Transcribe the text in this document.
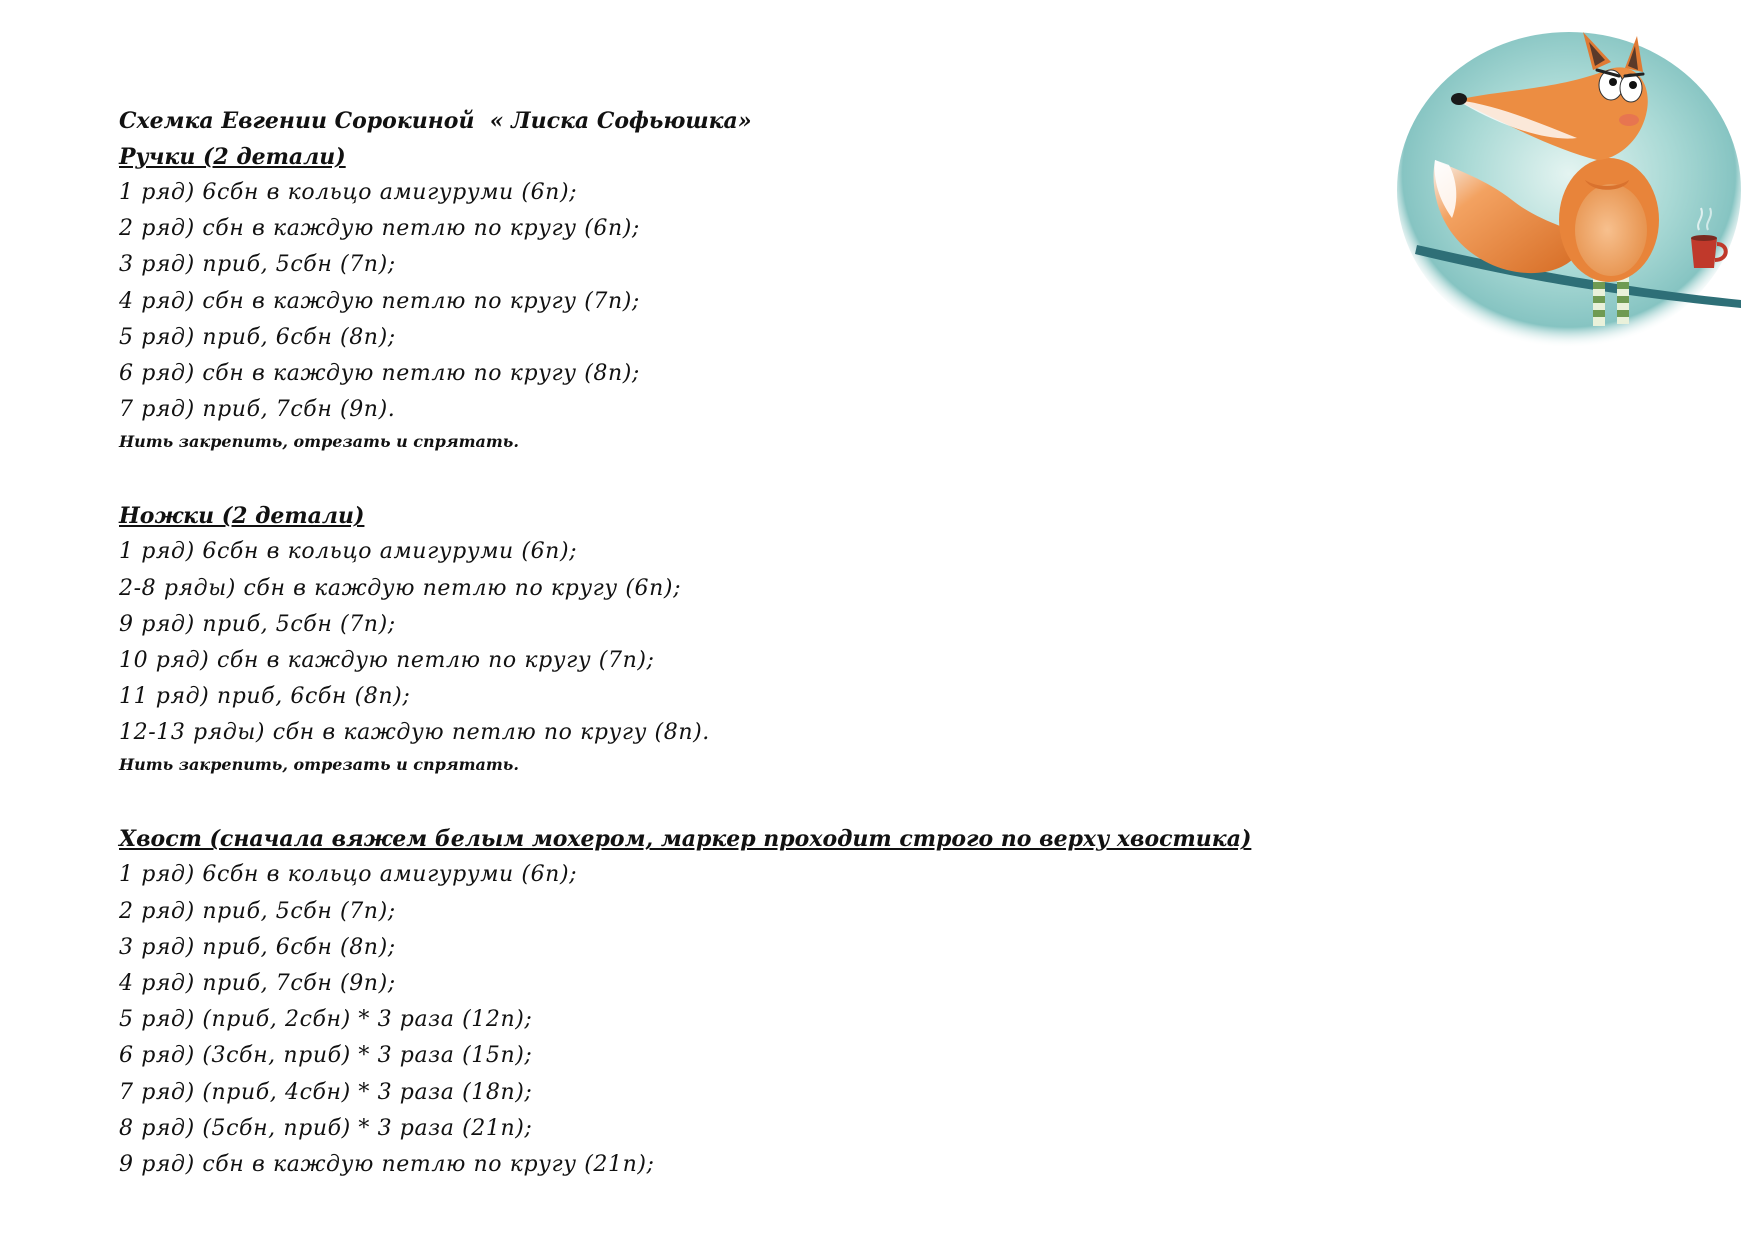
Схемка Евгении Сорокиной  « Лиска Софьюшка»
Ручки (2 детали)
1 ряд) 6сбн в кольцо амигуруми (6п);
2 ряд) сбн в каждую петлю по кругу (6п);
3 ряд) приб, 5сбн (7п);
4 ряд) сбн в каждую петлю по кругу (7п);
5 ряд) приб, 6сбн (8п);
6 ряд) сбн в каждую петлю по кругу (8п);
7 ряд) приб, 7сбн (9п).
Нить закрепить, отрезать и спрятать.
Ножки (2 детали)
1 ряд) 6сбн в кольцо амигуруми (6п);
2-8 ряды) сбн в каждую петлю по кругу (6п);
9 ряд) приб, 5сбн (7п);
10 ряд) сбн в каждую петлю по кругу (7п);
11 ряд) приб, 6сбн (8п);
12-13 ряды) сбн в каждую петлю по кругу (8п).
Нить закрепить, отрезать и спрятать.
Хвост (сначала вяжем белым мохером, маркер проходит строго по верху хвостика)
1 ряд) 6сбн в кольцо амигуруми (6п);
2 ряд) приб, 5сбн (7п);
3 ряд) приб, 6сбн (8п);
4 ряд) приб, 7сбн (9п);
5 ряд) (приб, 2сбн) * 3 раза (12п);
6 ряд) (3сбн, приб) * 3 раза (15п);
7 ряд) (приб, 4сбн) * 3 раза (18п);
8 ряд) (5сбн, приб) * 3 раза (21п);
9 ряд) сбн в каждую петлю по кругу (21п);
